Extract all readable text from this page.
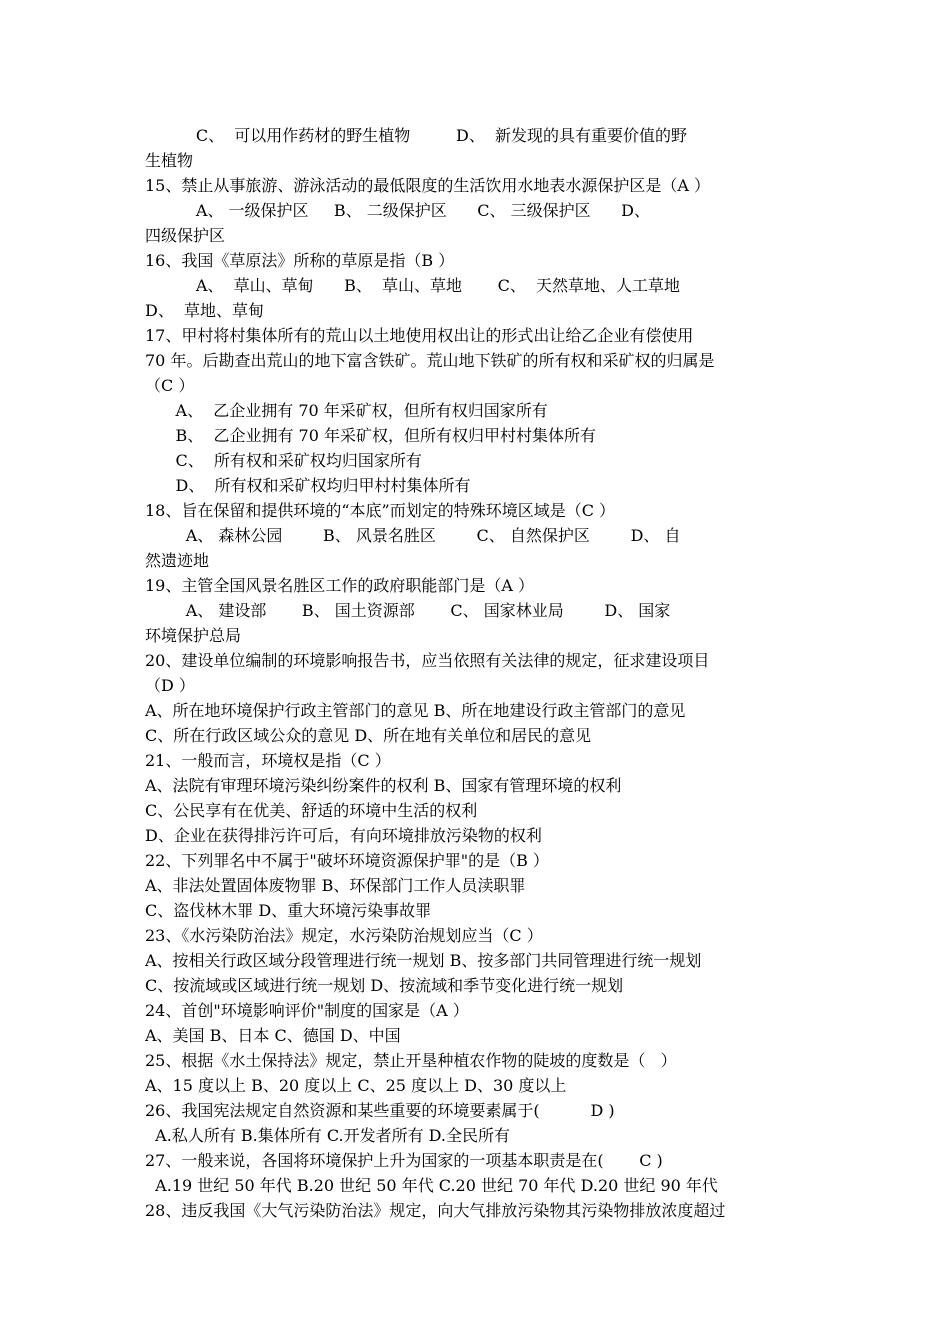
C、  可以用作药材的野生植物         D、  新发现的具有重要价值的野
生植物
15、禁止从事旅游、游泳活动的最低限度的生活饮用水地表水源保护区是（A ）
A、 一级保护区     B、 二级保护区      C、 三级保护区      D、
四级保护区
16、我国《草原法》所称的草原是指（B ）
A、  草山、草甸      B、  草山、草地       C、  天然草地、人工草地
D、  草地、草甸
17、甲村将村集体所有的荒山以土地使用权出让的形式出让给乙企业有偿使用
70 年。后勘查出荒山的地下富含铁矿。荒山地下铁矿的所有权和采矿权的归属是
（C ）
A、  乙企业拥有 70 年采矿权，但所有权归国家所有
B、  乙企业拥有 70 年采矿权，但所有权归甲村村集体所有
C、  所有权和采矿权均归国家所有
D、  所有权和采矿权均归甲村村集体所有
18、旨在保留和提供环境的“本底”而划定的特殊环境区域是（C ）
A、 森林公园        B、 风景名胜区        C、 自然保护区        D、 自
然遗迹地
19、主管全国风景名胜区工作的政府职能部门是（A ）
A、 建设部       B、 国土资源部       C、 国家林业局        D、 国家
环境保护总局
20、建设单位编制的环境影响报告书，应当依照有关法律的规定，征求建设项目
（D ）
A、所在地环境保护行政主管部门的意见 B、所在地建设行政主管部门的意见
C、所在行政区域公众的意见 D、所在地有关单位和居民的意见
21、一般而言，环境权是指（C ）
A、法院有审理环境污染纠纷案件的权利 B、国家有管理环境的权利
C、公民享有在优美、舒适的环境中生活的权利
D、企业在获得排污许可后，有向环境排放污染物的权利
22、下列罪名中不属于"破坏环境资源保护罪"的是（B ）
A、非法处置固体废物罪 B、环保部门工作人员渎职罪
C、盗伐林木罪 D、重大环境污染事故罪
23、《水污染防治法》规定，水污染防治规划应当（C ）
A、按相关行政区域分段管理进行统一规划 B、按多部门共同管理进行统一规划
C、按流域或区域进行统一规划 D、按流域和季节变化进行统一规划
24、首创"环境影响评价"制度的国家是（A ）
A、美国 B、日本 C、德国 D、中国
25、根据《水土保持法》规定，禁止开垦种植农作物的陡坡的度数是（   ）
A、15 度以上 B、20 度以上 C、25 度以上 D、30 度以上
26、我国宪法规定自然资源和某些重要的环境要素属于(          D )
A.私人所有 B.集体所有 C.开发者所有 D.全民所有
27、一般来说，各国将环境保护上升为国家的一项基本职责是在(       C )
A.19 世纪 50 年代 B.20 世纪 50 年代 C.20 世纪 70 年代 D.20 世纪 90 年代
28、违反我国《大气污染防治法》规定，向大气排放污染物其污染物排放浓度超过
